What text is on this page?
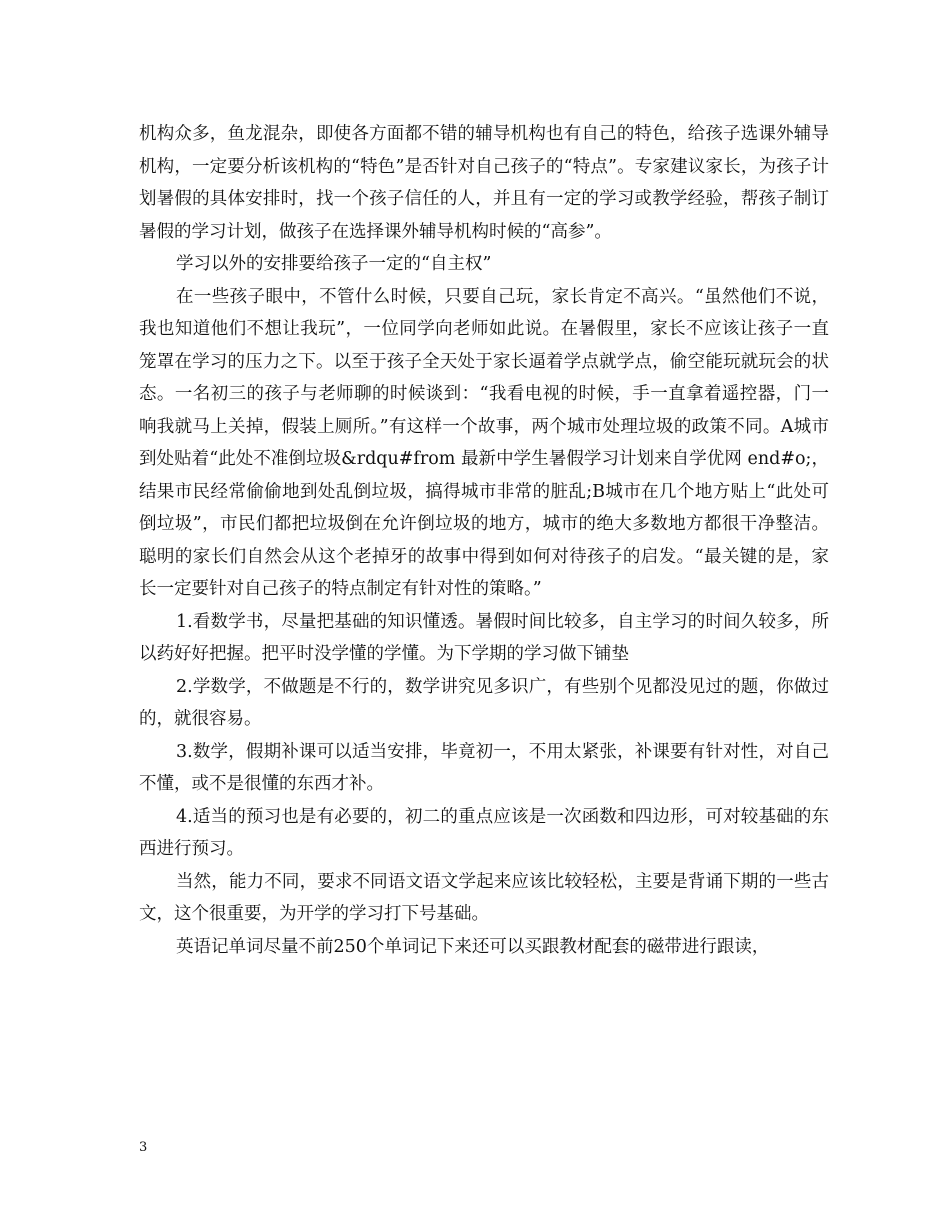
机构众多，鱼龙混杂，即使各方面都不错的辅导机构也有自己的特色，给孩子选课外辅导机构，一定要分析该机构的“特色”是否针对自己孩子的“特点”。专家建议家长，为孩子计划暑假的具体安排时，找一个孩子信任的人，并且有一定的学习或教学经验，帮孩子制订暑假的学习计划，做孩子在选择课外辅导机构时候的“高参”。

学习以外的安排要给孩子一定的“自主权”

在一些孩子眼中，不管什么时候，只要自己玩，家长肯定不高兴。“虽然他们不说，我也知道他们不想让我玩”，一位同学向老师如此说。在暑假里，家长不应该让孩子一直笼罩在学习的压力之下。以至于孩子全天处于家长逼着学点就学点，偷空能玩就玩会的状态。一名初三的孩子与老师聊的时候谈到：“我看电视的时候，手一直拿着遥控器，门一响我就马上关掉，假装上厕所。”有这样一个故事，两个城市处理垃圾的政策不同。A城市到处贴着“此处不准倒垃圾&rdqu#from 最新中学生暑假学习计划来自学优网 end#o;，结果市民经常偷偷地到处乱倒垃圾，搞得城市非常的脏乱;B城市在几个地方贴上“此处可倒垃圾”，市民们都把垃圾倒在允许倒垃圾的地方，城市的绝大多数地方都很干净整洁。聪明的家长们自然会从这个老掉牙的故事中得到如何对待孩子的启发。“最关键的是，家长一定要针对自己孩子的特点制定有针对性的策略。”

1.看数学书，尽量把基础的知识懂透。暑假时间比较多，自主学习的时间久较多，所以药好好把握。把平时没学懂的学懂。为下学期的学习做下铺垫

2.学数学，不做题是不行的，数学讲究见多识广，有些别个见都没见过的题，你做过的，就很容易。

3.数学，假期补课可以适当安排，毕竟初一，不用太紧张，补课要有针对性，对自己不懂，或不是很懂的东西才补。

4.适当的预习也是有必要的，初二的重点应该是一次函数和四边形，可对较基础的东西进行预习。

当然，能力不同，要求不同语文语文学起来应该比较轻松，主要是背诵下期的一些古文，这个很重要，为开学的学习打下号基础。

英语记单词尽量不前250个单词记下来还可以买跟教材配套的磁带进行跟读，

3
